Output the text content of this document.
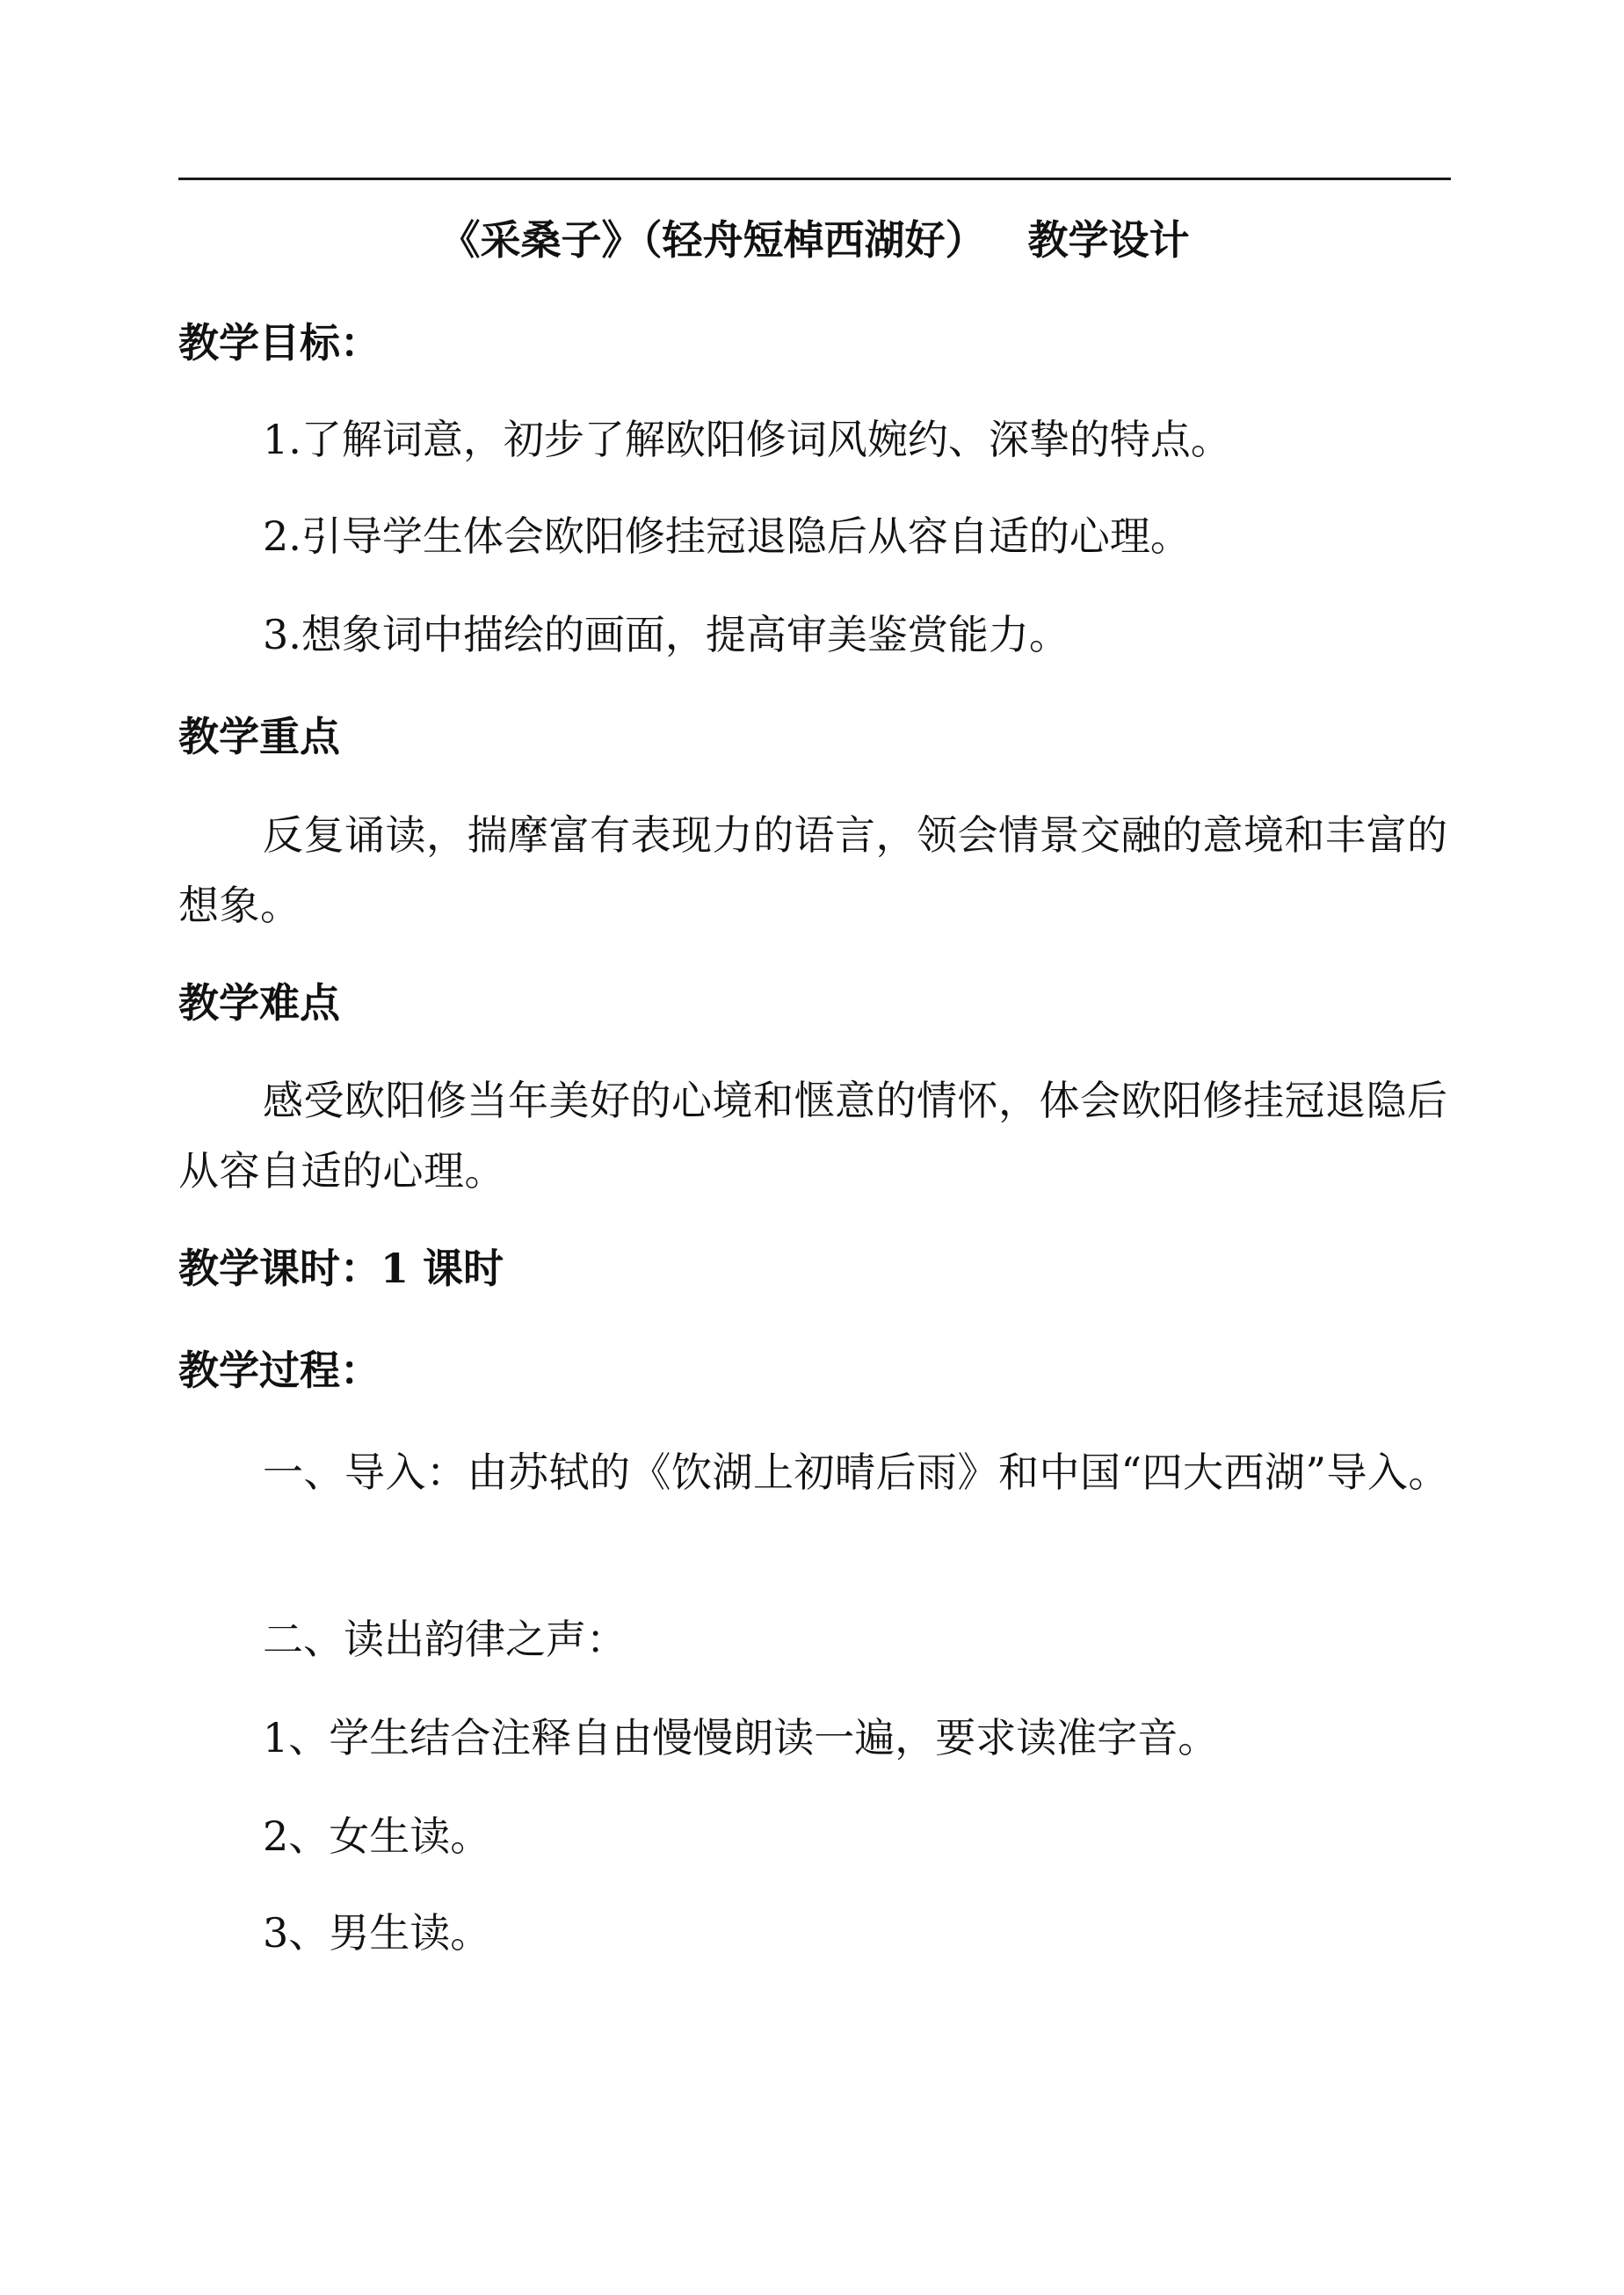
《采桑子》（轻舟短棹西湖好）   教学设计
教学目标：
1.了解词意，初步了解欧阳修词风婉约、深挚的特点。
2.引导学生体会欧阳修挂冠退隐后从容自适的心理。
3.想象词中描绘的画面，提高审美鉴赏能力。
教学重点
反复诵读，揣摩富有表现力的语言，领会情景交融的意境和丰富的想象。
教学难点
感受欧阳修当年美好的心境和惬意的情怀，体会欧阳修挂冠退隐后从容自适的心理。
教学课时：1 课时
教学过程：
一、导入：由苏轼的《饮湖上初晴后雨》和中国“四大西湖”导入。
二、读出韵律之声：
1、学生结合注释自由慢慢朗读一遍，要求读准字音。
2、女生读。
3、男生读。
